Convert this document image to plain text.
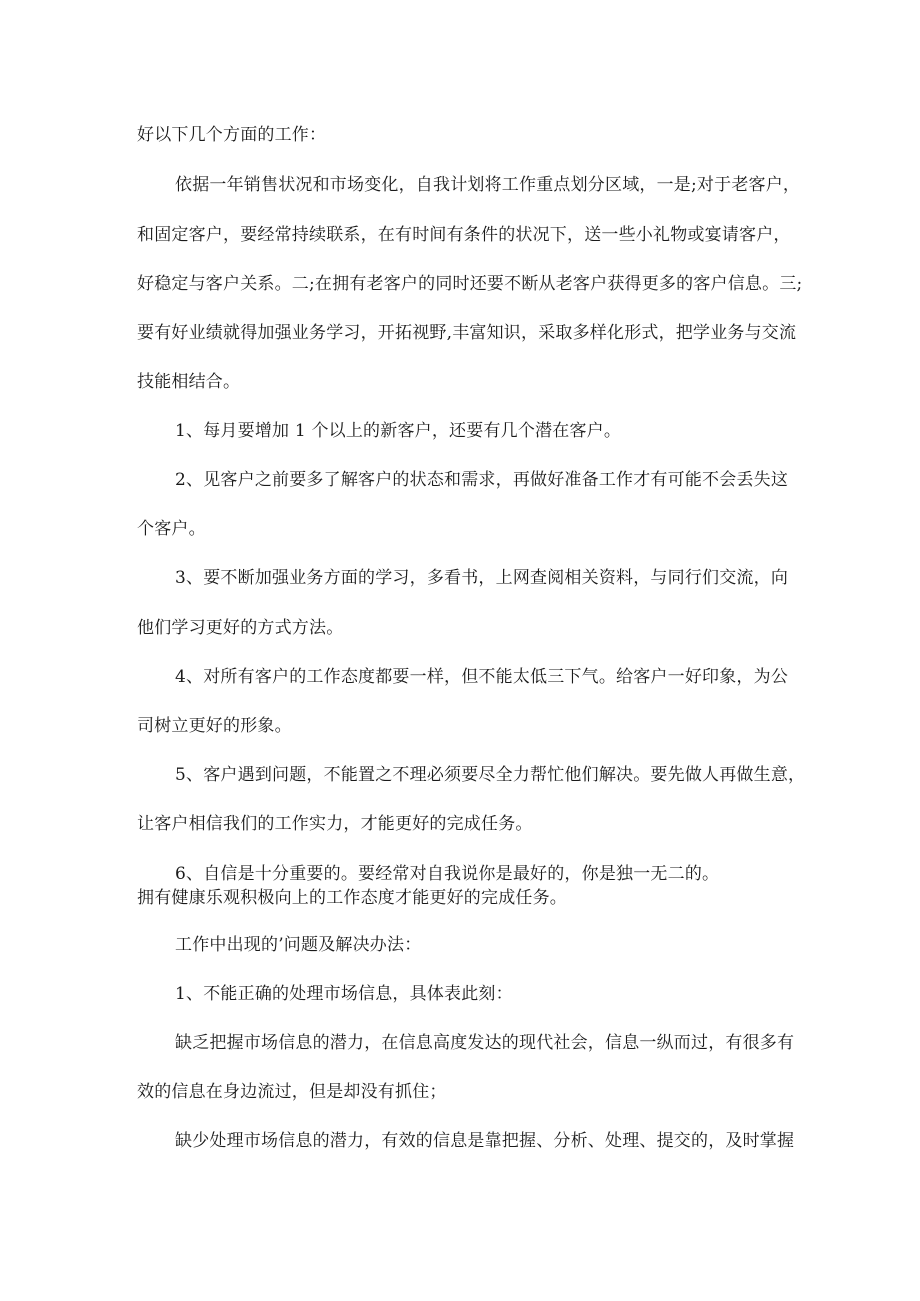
好以下几个方面的工作：
依据一年销售状况和市场变化，自我计划将工作重点划分区域，一是;对于老客户，
和固定客户，要经常持续联系，在有时间有条件的状况下，送一些小礼物或宴请客户，
好稳定与客户关系。二;在拥有老客户的同时还要不断从老客户获得更多的客户信息。三;
要有好业绩就得加强业务学习，开拓视野,丰富知识，采取多样化形式，把学业务与交流
技能相结合。
1、每月要增加 1 个以上的新客户，还要有几个潜在客户。
2、见客户之前要多了解客户的状态和需求，再做好准备工作才有可能不会丢失这
个客户。
3、要不断加强业务方面的学习，多看书，上网查阅相关资料，与同行们交流，向
他们学习更好的方式方法。
4、对所有客户的工作态度都要一样，但不能太低三下气。给客户一好印象，为公
司树立更好的形象。
5、客户遇到问题，不能置之不理必须要尽全力帮忙他们解决。要先做人再做生意，
让客户相信我们的工作实力，才能更好的完成任务。
6、自信是十分重要的。要经常对自我说你是最好的，你是独一无二的。
拥有健康乐观积极向上的工作态度才能更好的完成任务。
工作中出现的’问题及解决办法：
1、不能正确的处理市场信息，具体表此刻：
缺乏把握市场信息的潜力，在信息高度发达的现代社会，信息一纵而过，有很多有
效的信息在身边流过，但是却没有抓住；
缺少处理市场信息的潜力，有效的信息是靠把握、分析、处理、提交的，及时掌握
